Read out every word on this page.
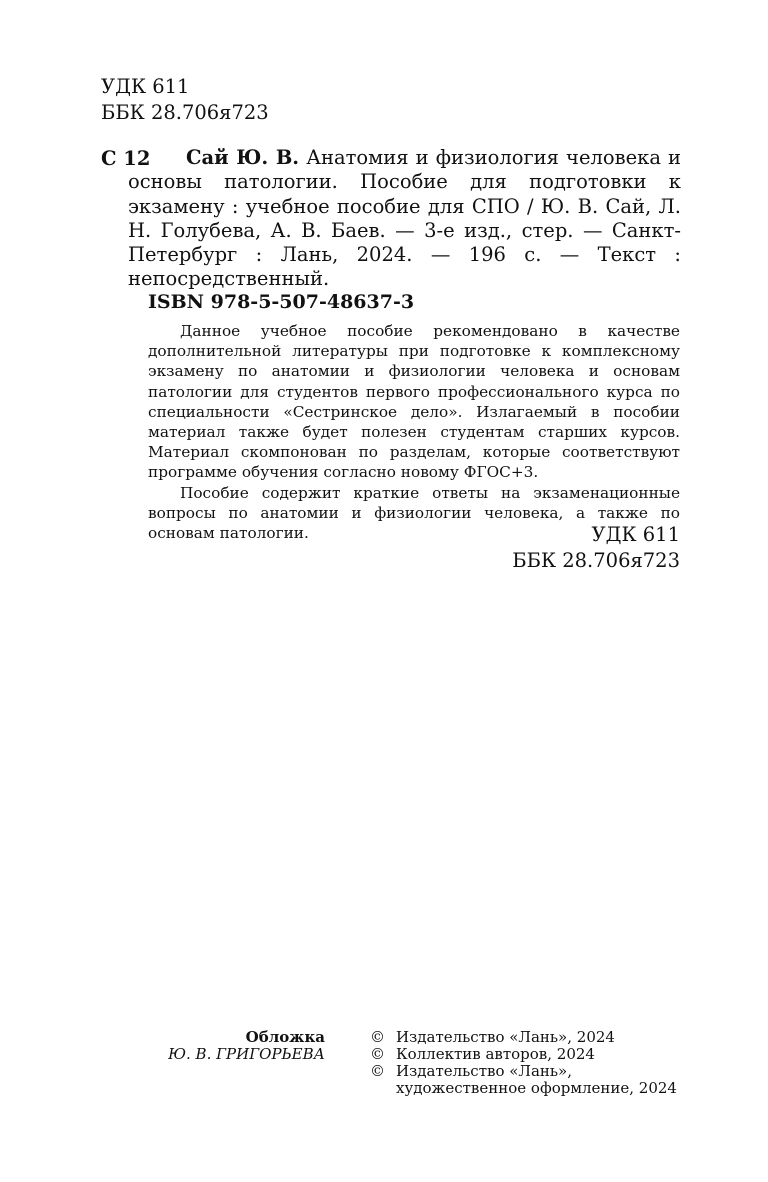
УДК 611
ББК 28.706я723
С 12	Сай Ю. В. Анатомия и физиология человека и основы патологии. Пособие для подготовки к экзамену : учебное пособие для СПО / Ю. В. Сай, Л. Н. Голубева, А. В. Баев. — 3-е изд., стер. — Санкт-Петербург : Лань, 2024. — 196 с. — Текст : непосредственный.
ISBN 978-5-507-48637-3

Данное учебное пособие рекомендовано в качестве дополнительной литературы при подготовке к комплексному экзамену по анатомии и физиологии человека и основам патологии для студентов первого профессионального курса по специальности «Сестринское дело». Излагаемый в пособии материал также будет полезен студентам старших курсов. Материал скомпонован по разделам, которые соответствуют программе обучения согласно новому ФГОС+3.

Пособие содержит краткие ответы на экзаменационные вопросы по анатомии и физиологии человека, а также по основам патологии.	УДК 611
ББК 28.706я723
Обложка
Ю. В. ГРИГОРЬЕВА
© Издательство «Лань», 2024
© Коллектив авторов, 2024
© Издательство «Лань»,
художественное оформление, 2024
